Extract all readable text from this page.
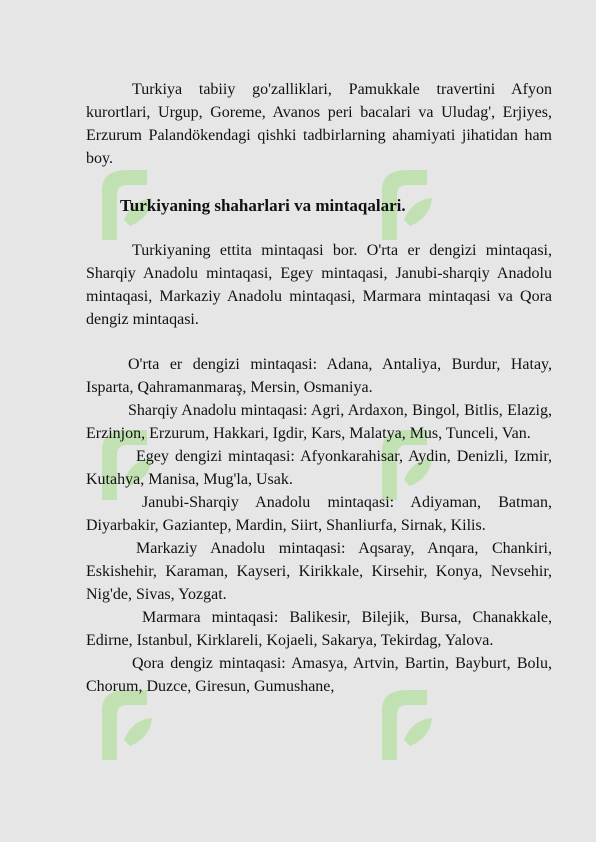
Turkiya tabiiy go'zalliklari, Pamukkale travertini Afyon kurortlari, Urgup, Goreme, Avanos peri bacalari va Uludag', Erjiyes, Erzurum Palandökendagi qishki tadbirlarning ahamiyati jihatidan ham boy.

Turkiyaning shaharlari va mintaqalari.

Turkiyaning ettita mintaqasi bor. O'rta er dengizi mintaqasi, Sharqiy Anadolu mintaqasi, Egey mintaqasi, Janubi-sharqiy Anadolu mintaqasi, Markaziy Anadolu mintaqasi, Marmara mintaqasi va Qora dengiz mintaqasi.

O'rta er dengizi mintaqasi: Adana, Antaliya, Burdur, Hatay, Isparta, Qahramanmaraş, Mersin, Osmaniya.

Sharqiy Anadolu mintaqasi: Agri, Ardaxon, Bingol, Bitlis, Elazig, Erzinjon, Erzurum, Hakkari, Igdir, Kars, Malatya, Mus, Tunceli, Van.

Egey dengizi mintaqasi: Afyonkarahisar, Aydin, Denizli, Izmir, Kutahya, Manisa, Mug'la, Usak.

Janubi-Sharqiy Anadolu mintaqasi: Adiyaman, Batman, Diyarbakir, Gaziantep, Mardin, Siirt, Shanliurfa, Sirnak, Kilis.

Markaziy Anadolu mintaqasi: Aqsaray, Anqara, Chankiri, Eskishehir, Karaman, Kayseri, Kirikkale, Kirsehir, Konya, Nevsehir, Nig'de, Sivas, Yozgat.

Marmara mintaqasi: Balikesir, Bilejik, Bursa, Chanakkale, Edirne, Istanbul, Kirklareli, Kojaeli, Sakarya, Tekirdag, Yalova.

Qora dengiz mintaqasi: Amasya, Artvin, Bartin, Bayburt, Bolu, Chorum, Duzce, Giresun, Gumushane,
